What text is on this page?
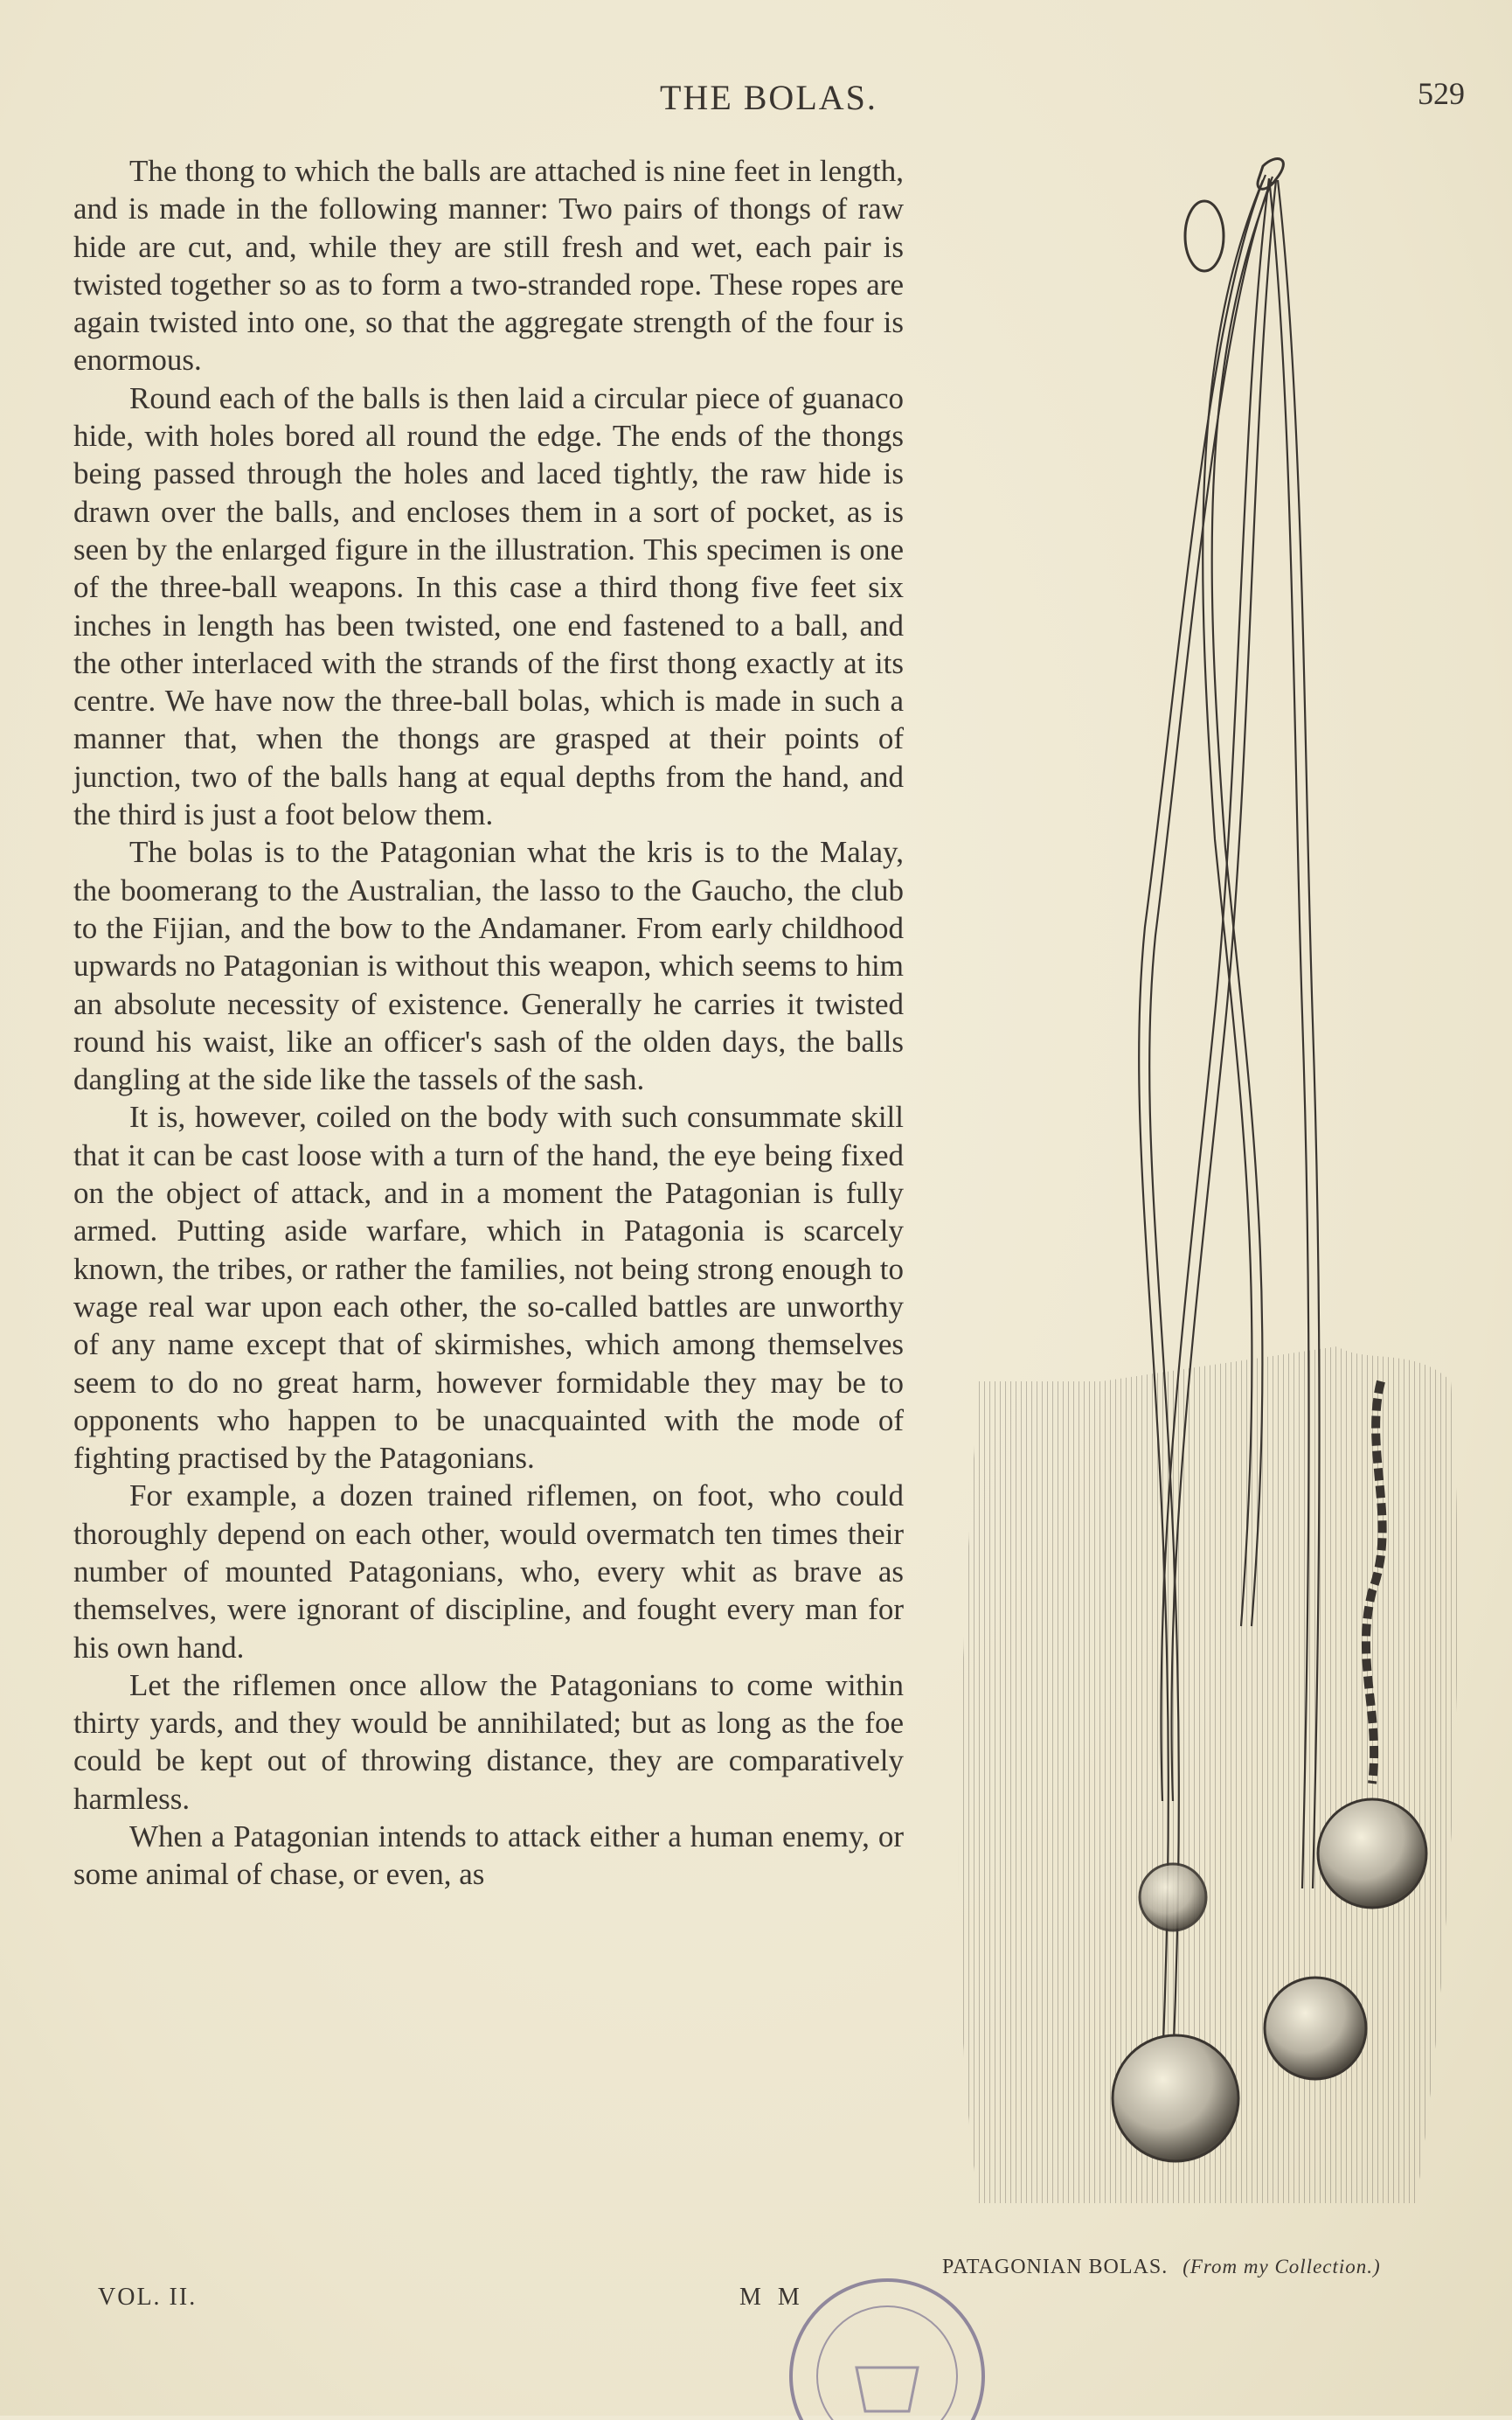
THE BOLAS.	529

The thong to which the balls are attached is nine feet in length, and is made in the following manner: Two pairs of thongs of raw hide are cut, and, while they are still fresh and wet, each pair is twisted together so as to form a two-stranded rope. These ropes are again twisted into one, so that the aggregate strength of the four is enormous.

Round each of the balls is then laid a circular piece of guanaco hide, with holes bored all round the edge. The ends of the thongs being passed through the holes and laced tightly, the raw hide is drawn over the balls, and encloses them in a sort of pocket, as is seen by the enlarged figure in the illustration. This specimen is one of the three-ball weapons. In this case a third thong five feet six inches in length has been twisted, one end fastened to a ball, and the other interlaced with the strands of the first thong exactly at its centre. We have now the three-ball bolas, which is made in such a manner that, when the thongs are grasped at their points of junction, two of the balls hang at equal depths from the hand, and the third is just a foot below them.

The bolas is to the Patagonian what the kris is to the Malay, the boomerang to the Australian, the lasso to the Gaucho, the club to the Fijian, and the bow to the Andamaner. From early childhood upwards no Patagonian is without this weapon, which seems to him an absolute necessity of existence. Generally he carries it twisted round his waist, like an officer's sash of the olden days, the balls dangling at the side like the tassels of the sash.

It is, however, coiled on the body with such consummate skill that it can be cast loose with a turn of the hand, the eye being fixed on the object of attack, and in a moment the Patagonian is fully armed. Putting aside warfare, which in Patagonia is scarcely known, the tribes, or rather the families, not being strong enough to wage real war upon each other, the so-called battles are unworthy of any name except that of skirmishes, which among themselves seem to do no great harm, however formidable they may be to opponents who happen to be unacquainted with the mode of fighting practised by the Patagonians.

For example, a dozen trained riflemen, on foot, who could thoroughly depend on each other, would overmatch ten times their number of mounted Patagonians, who, every whit as brave as themselves, were ignorant of discipline, and fought every man for his own hand.

Let the riflemen once allow the Patagonians to come within thirty yards, and they would be annihilated; but as long as the foe could be kept out of throwing distance, they are comparatively harmless.

When a Patagonian intends to attack either a human enemy, or some animal of chase, or even, as

PATAGONIAN BOLAS. (From my Collection.)
VOL. II.	M M
